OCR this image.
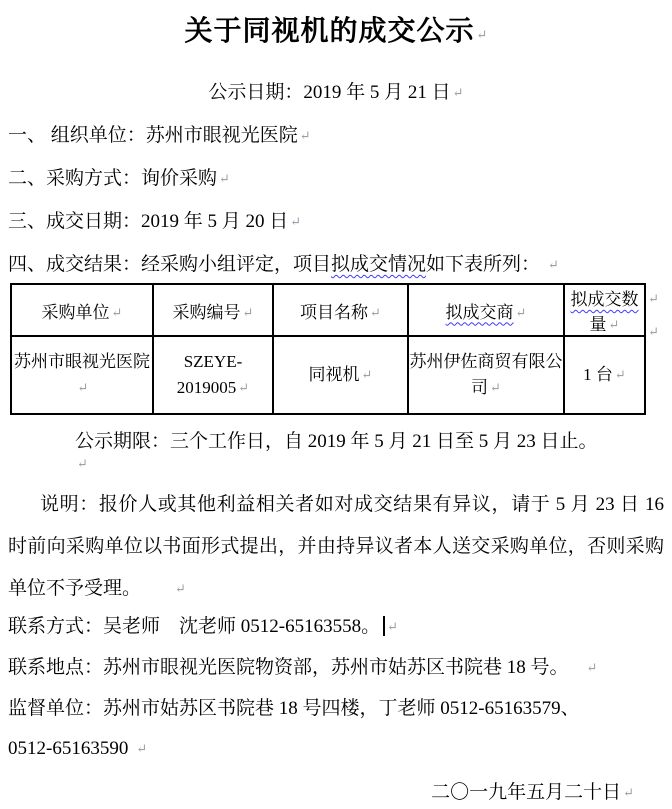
关于同视机的成交公示 ↵
公示日期：2019 年 5 月 21 日 ↵
一、 组织单位：苏州市眼视光医院 ↵
二、采购方式：询价采购 ↵
三、成交日期：2019 年 5 月 20 日 ↵
四、成交结果：经采购小组评定，项目拟成交情况如下表所列： ↵
采购单位 ↵	采购编号 ↵	项目名称 ↵	拟成交商 ↵	拟成交数量 ↵
苏州市眼视光医院↵	SZEYE-2019005 ↵	同视机 ↵	苏州伊佐商贸有限公司 ↵	1 台 ↵
↵
↵
公示期限：三个工作日，自 2019 年 5 月 21 日至 5 月 23 日止。↵
说明：报价人或其他利益相关者如对成交结果有异议，请于 5 月 23 日 16 时前向采购单位以书面形式提出，并由持异议者本人送交采购单位，否则采购单位不予受理。	↵
联系方式：吴老师　沈老师 0512-65163558。 ↵
联系地点：苏州市眼视光医院物资部，苏州市姑苏区书院巷 18 号。 ↵
监督单位：苏州市姑苏区书院巷 18 号四楼，丁老师 0512-65163579、
0512-65163590 ↵
二〇一九年五月二十日 ↵
